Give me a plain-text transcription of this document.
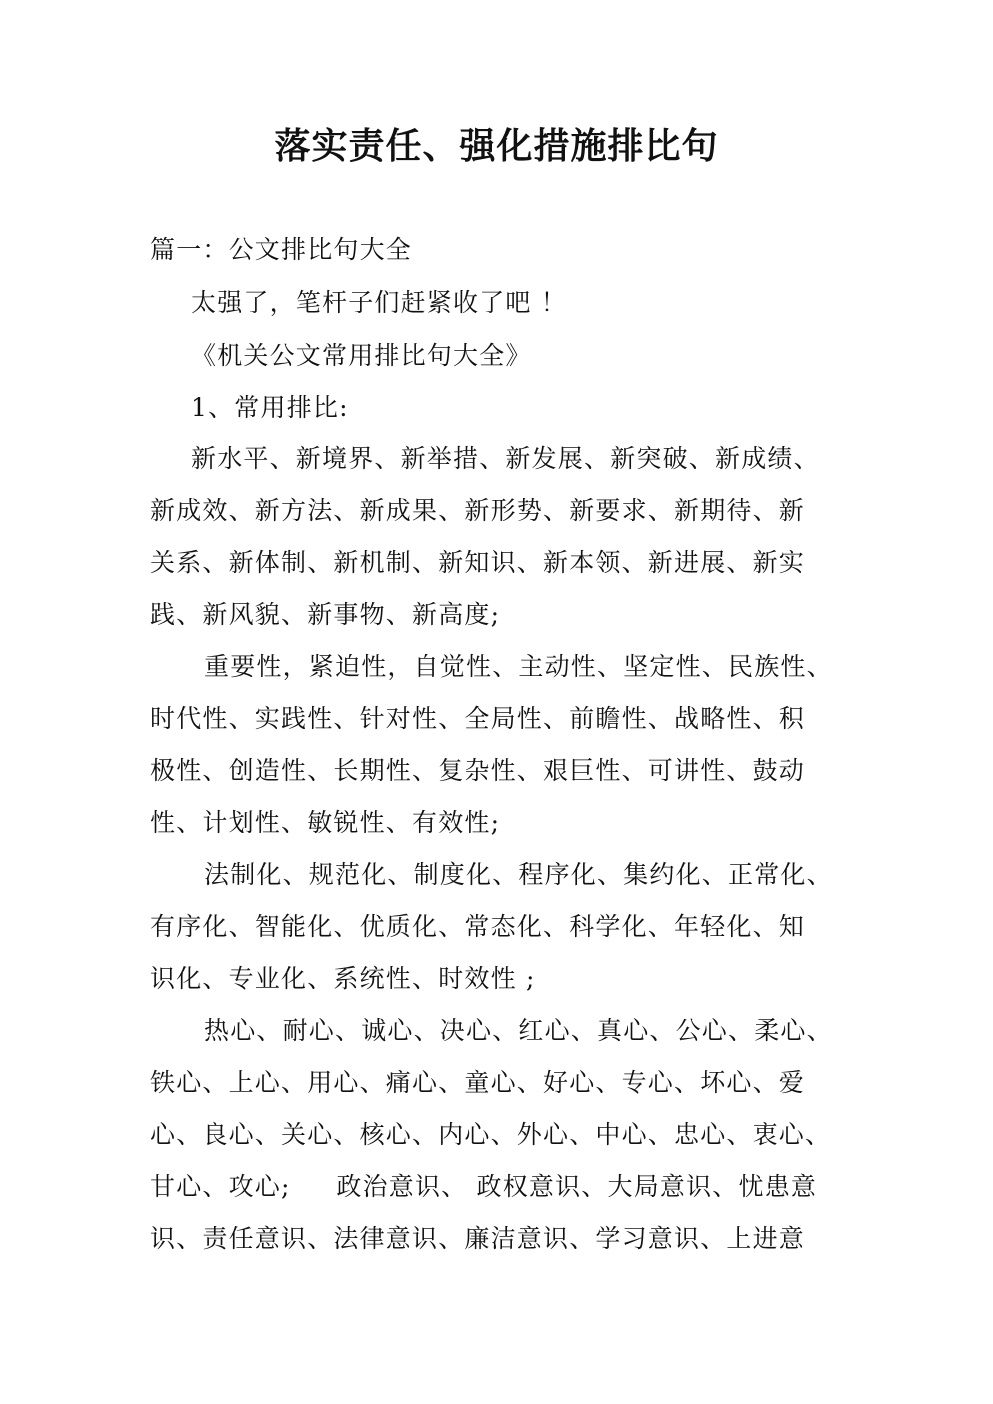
落实责任、强化措施排比句
篇一：公文排比句大全
太强了，笔杆子们赶紧收了吧 ！
《机关公文常用排比句大全》
1、常用排比:
新水平、新境界、新举措、新发展、新突破、新成绩、
新成效、新方法、新成果、新形势、新要求、新期待、新
关系、新体制、新机制、新知识、新本领、新进展、新实
践、新风貌、新事物、新高度;
重要性，紧迫性，自觉性、主动性、坚定性、民族性、
时代性、实践性、针对性、全局性、前瞻性、战略性、积
极性、创造性、长期性、复杂性、艰巨性、可讲性、鼓动
性、计划性、敏锐性、有效性;
法制化、规范化、制度化、程序化、集约化、正常化、
有序化、智能化、优质化、常态化、科学化、年轻化、知
识化、专业化、系统性、时效性 ;
热心、耐心、诚心、决心、红心、真心、公心、柔心、
铁心、上心、用心、痛心、童心、好心、专心、坏心、爱
心、良心、关心、核心、内心、外心、中心、忠心、衷心、
甘心、攻心;     政治意识、 政权意识、大局意识、忧患意
识、责任意识、法律意识、廉洁意识、学习意识、上进意
